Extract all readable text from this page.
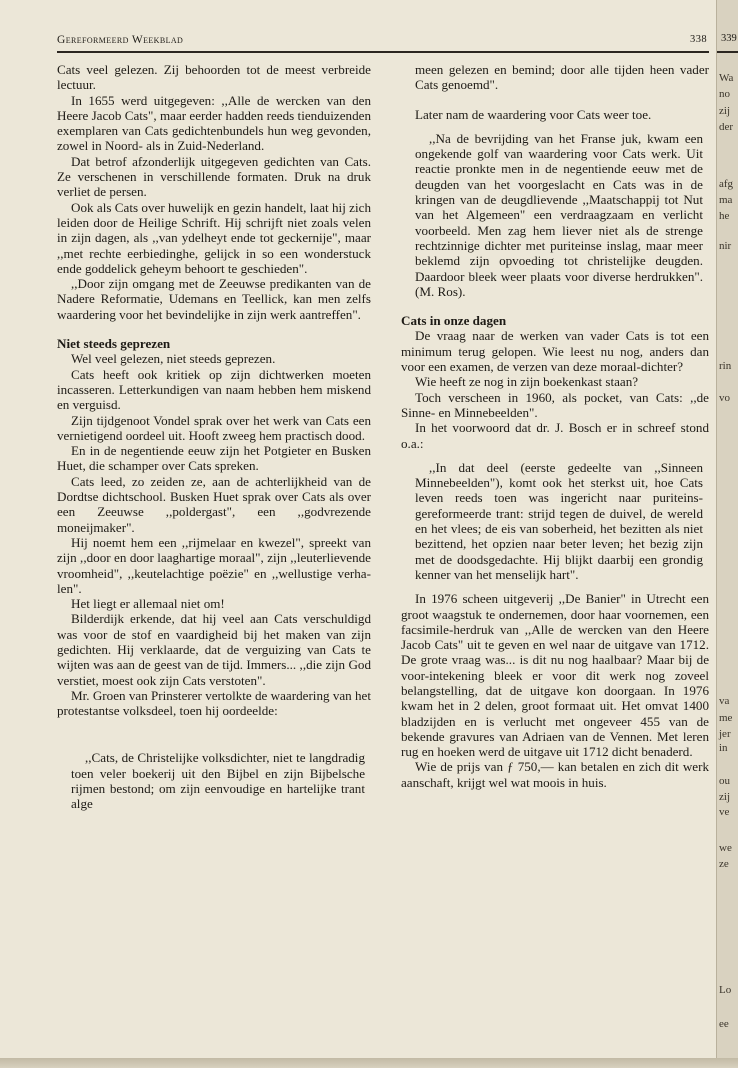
Gereformeerd Weekblad	338

Cats veel gelezen. Zij behoorden tot de meest verbreide lectuur.

In 1655 werd uitgegeven: ,,Alle de wercken van den Heere Jacob Cats", maar eerder hadden reeds tienduizenden exemplaren van Cats gedichtenbundels hun weg gevonden, zowel in Noord- als in Zuid-Nederland.

Dat betrof afzonderlijk uitgegeven gedichten van Cats. Ze verschenen in verschillende formaten. Druk na druk verliet de persen.

Ook als Cats over huwelijk en gezin handelt, laat hij zich leiden door de Heilige Schrift. Hij schrijft niet zoals velen in zijn dagen, als ,,van ydelheyt ende tot geckernije", maar ,,met rechte eerbiedinghe, gelijck in so een wonderstuck ende goddelick geheym behoort te geschieden".

,,Door zijn omgang met de Zeeuwse predikanten van de Nadere Reformatie, Udemans en Teellick, kan men zelfs waardering voor het bevindelijke in zijn werk aantreffen".

Niet steeds geprezen

Wel veel gelezen, niet steeds geprezen.

Cats heeft ook kritiek op zijn dichtwerken moeten incasseren. Letterkundigen van naam hebben hem miskend en verguisd.

Zijn tijdgenoot Vondel sprak over het werk van Cats een vernietigend oordeel uit. Hooft zweeg hem practisch dood.

En in de negentiende eeuw zijn het Potgieter en Busken Huet, die schamper over Cats spreken.

Cats leed, zo zeiden ze, aan de achterlijkheid van de Dordtse dichtschool. Busken Huet sprak over Cats als over een Zeeuwse ,,poldergast", een ,,godvrezende moneijmaker".

Hij noemt hem een ,,rijmelaar en kwezel", spreekt van zijn ,,door en door laaghartige moraal", zijn ,,leuterlievende vroomheid", ,,keutelachtige poëzie" en ,,wellustige verhalen".

Het liegt er allemaal niet om!

Bilderdijk erkende, dat hij veel aan Cats verschuldigd was voor de stof en vaardigheid bij het maken van zijn gedichten. Hij verklaarde, dat de verguizing van Cats te wijten was aan de geest van de tijd. Immers... ,,die zijn God verstiet, moest ook zijn Cats verstoten".

Mr. Groen van Prinsterer vertolkte de waardering van het protestantse volksdeel, toen hij oordeelde:

,,Cats, de Christelijke volksdichter, niet te langdradig toen veler boekerij uit den Bijbel en zijn Bijbelsche rijmen bestond; om zijn eenvoudige en hartelijke trant alge

meen gelezen en bemind; door alle tijden heen vader Cats genoemd".

Later nam de waardering voor Cats weer toe.

,,Na de bevrijding van het Franse juk, kwam een ongekende golf van waardering voor Cats werk. Uit reactie pronkte men in de negentiende eeuw met de deugden van het voorgeslacht en Cats was in de kringen van de deugdlievende ,,Maatschappij tot Nut van het Algemeen" een verdraagzaam en verlicht voorbeeld. Men zag hem liever niet als de strenge rechtzinnige dichter met puriteinse inslag, maar meer beklemd zijn opvoeding tot christelijke deugden. Daardoor bleek weer plaats voor diverse herdrukken". (M. Ros).

Cats in onze dagen

De vraag naar de werken van vader Cats is tot een minimum terug gelopen. Wie leest nu nog, anders dan voor een examen, de verzen van deze moraal-dichter?

Wie heeft ze nog in zijn boekenkast staan?

Toch verscheen in 1960, als pocket, van Cats: ,,de Sinne- en Minnebeelden".

In het voorwoord dat dr. J. Bosch er in schreef stond o.a.:

,,In dat deel (eerste gedeelte van ,,Sinneen Minnebeelden"), komt ook het sterkst uit, hoe Cats leven reeds toen was ingericht naar puriteins-gereformeerde trant: strijd tegen de duivel, de wereld en het vlees; de eis van soberheid, het bezitten als niet bezittend, het opzien naar beter leven; het bezig zijn met de doodsgedachte. Hij blijkt daarbij een grondig kenner van het menselijk hart".

In 1976 scheen uitgeverij ,,De Banier" in Utrecht een groot waagstuk te ondernemen, door haar voornemen, een facsimile-herdruk van ,,Alle de wercken van den Heere Jacob Cats" uit te geven en wel naar de uitgave van 1712. De grote vraag was... is dit nu nog haalbaar? Maar bij de voor-intekening bleek er voor dit werk nog zoveel belangstelling, dat de uitgave kon doorgaan. In 1976 kwam het in 2 delen, groot formaat uit. Het omvat 1400 bladzijden en is verlucht met ongeveer 455 van de bekende gravures van Adriaen van de Vennen. Met leren rug en hoeken werd de uitgave uit 1712 dicht benaderd.

Wie de prijs van ƒ 750,— kan betalen en zich dit werk aanschaft, krijgt wel wat moois in huis.

339
Wa
no
zij
der
afg
ma
he
nir
rin
vo
va
me
jer
in
ou
zij
ve
we
ze
Lo
ee
